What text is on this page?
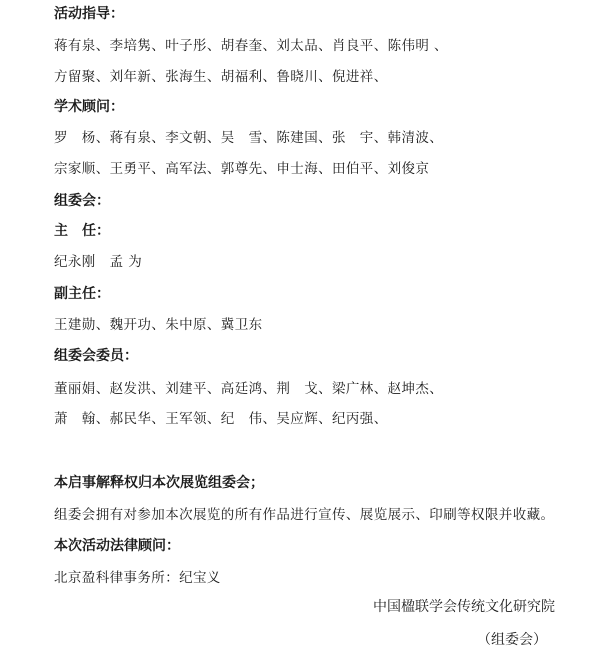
活动指导：
蒋有泉、李培隽、叶子彤、胡春奎、刘太品、肖良平、陈伟明 、
方留聚、刘年新、张海生、胡福利、鲁晓川、倪进祥、
学术顾问：
罗　杨、蒋有泉、李文朝、吴　雪、陈建国、张　宇、韩清波、
宗家顺、王勇平、高军法、郭尊先、申士海、田伯平、刘俊京
组委会：
主　任：
纪永刚　孟 为
副主任：
王建勋、魏开功、朱中原、冀卫东
组委会委员：
董丽娟、赵发洪、刘建平、高廷鸿、荆　戈、梁广林、赵坤杰、
萧　翰、郝民华、王军领、纪　伟、吴应辉、纪丙强、
本启事解释权归本次展览组委会；
组委会拥有对参加本次展览的所有作品进行宣传、展览展示、印刷等权限并收藏。
本次活动法律顾问：
北京盈科律事务所：纪宝义
中国楹联学会传统文化研究院
（组委会）
